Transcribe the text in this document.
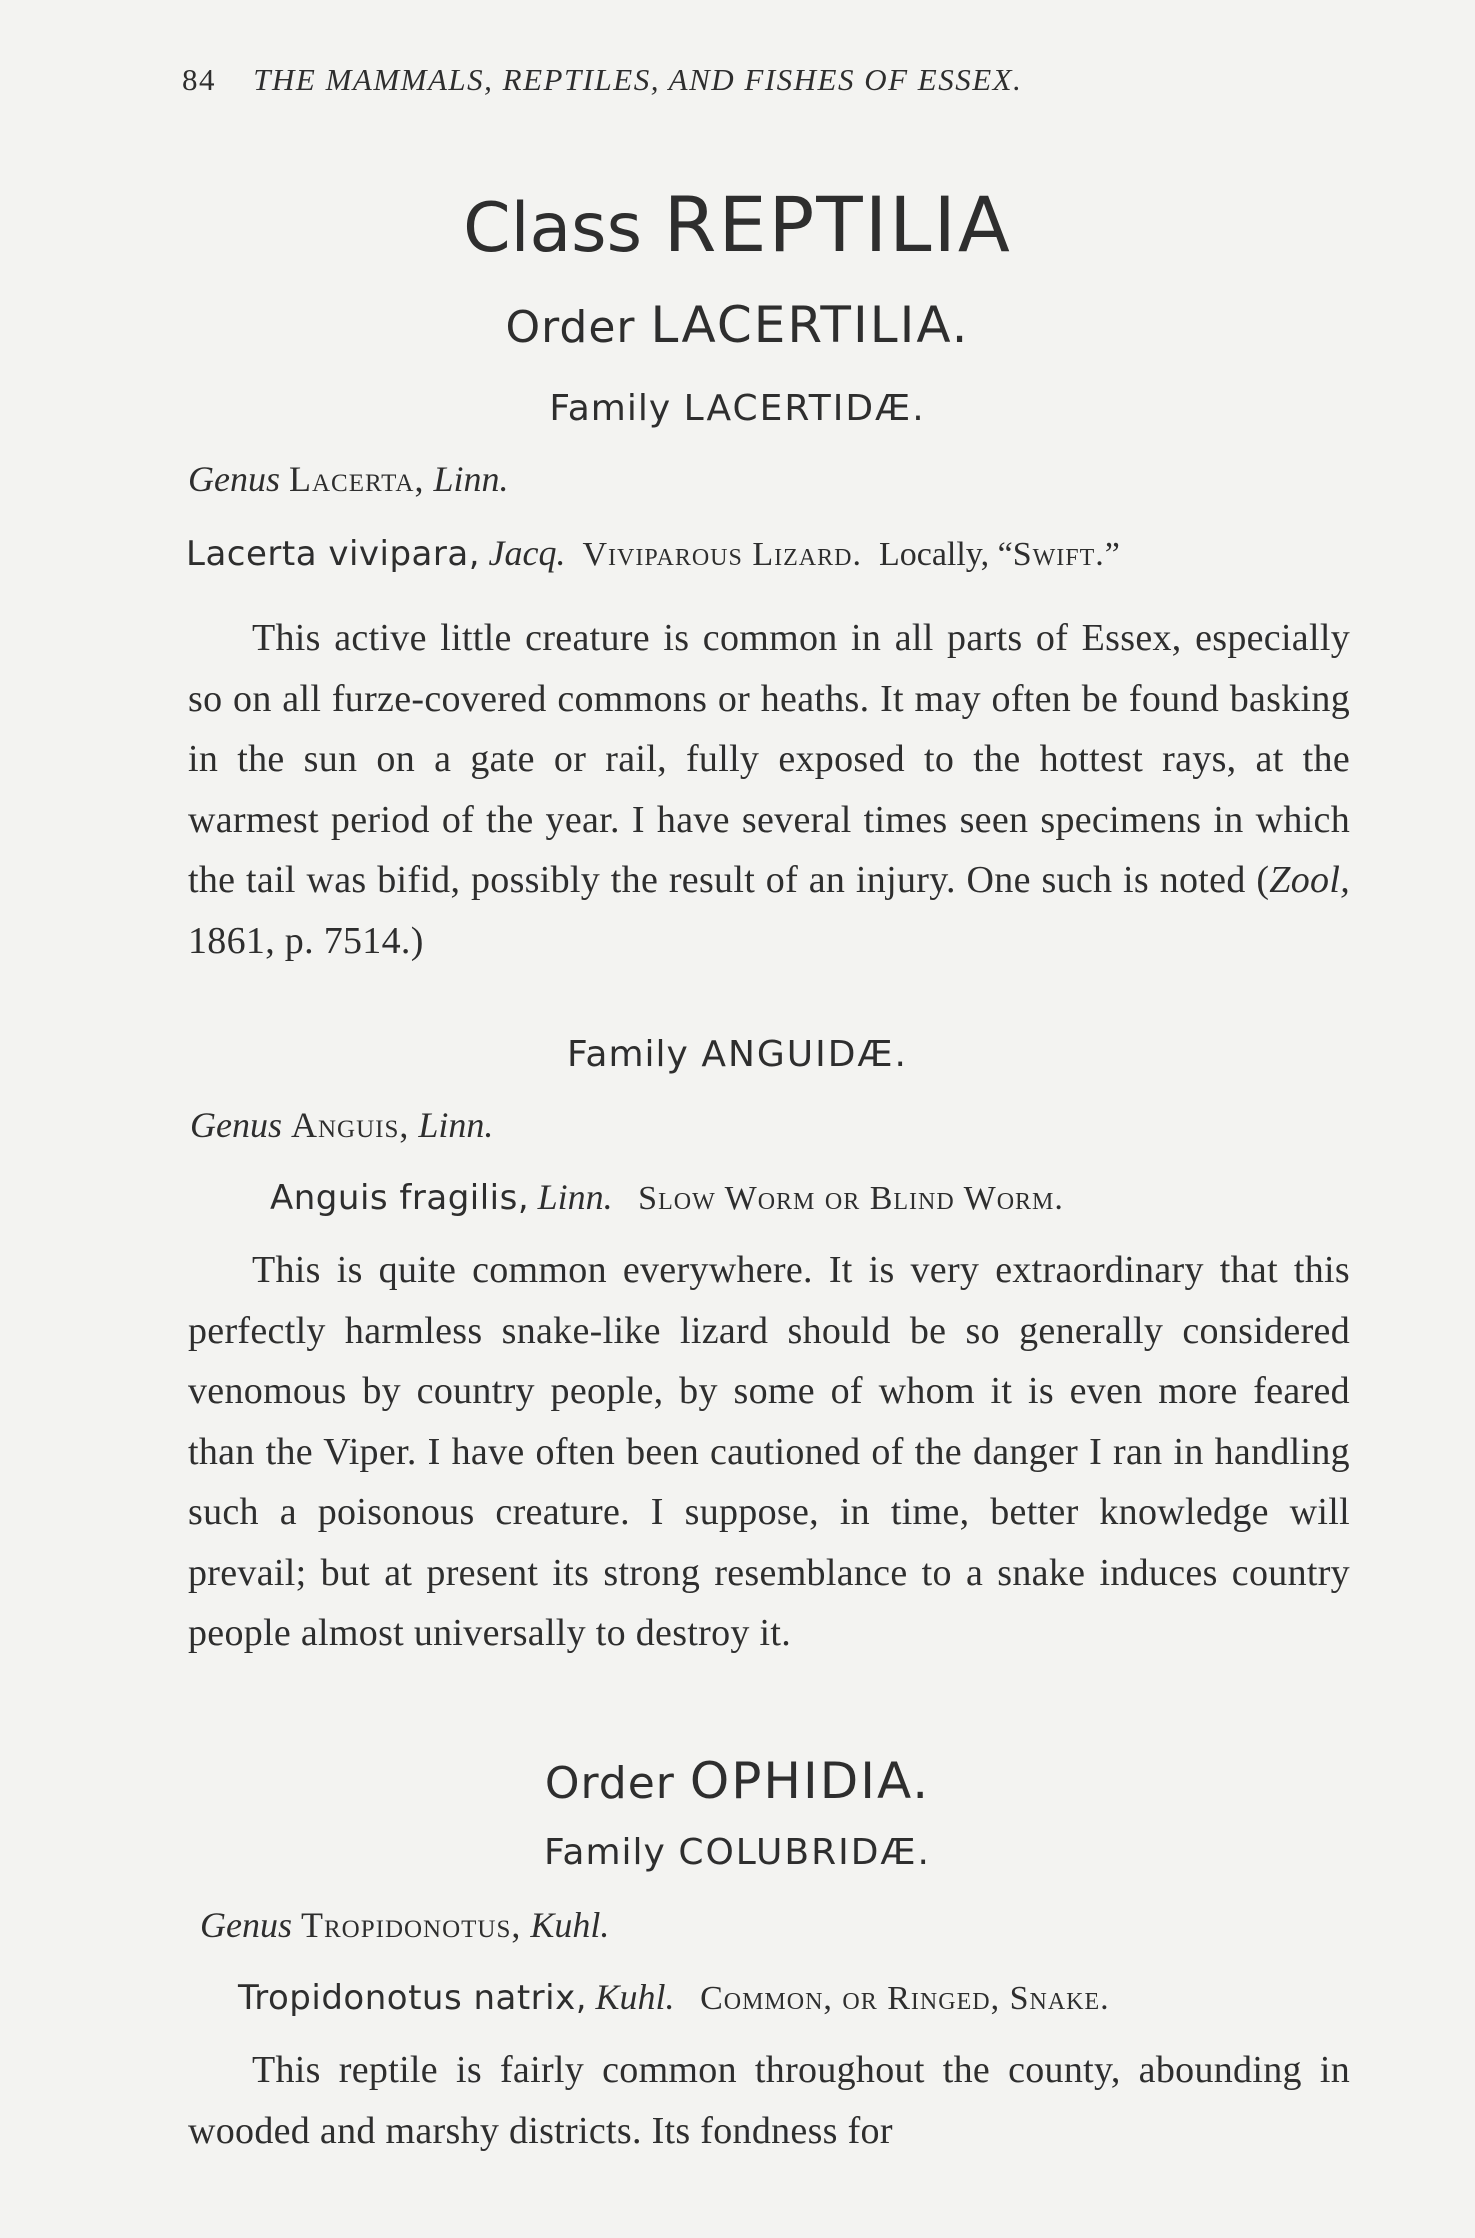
84 THE MAMMALS, REPTILES, AND FISHES OF ESSEX.
Class REPTILIA
Order LACERTILIA.
Family LACERTIDÆ.
Genus Lacerta, Linn.
Lacerta vivipara, Jacq. Viviparous Lizard. Locally, “Swift.”
This active little creature is common in all parts of Essex, especially so on all furze-covered commons or heaths. It may often be found basking in the sun on a gate or rail, fully exposed to the hottest rays, at the warmest period of the year. I have several times seen specimens in which the tail was bifid, possibly the result of an injury. One such is noted (Zool, 1861, p. 7514.)
Family ANGUIDÆ.
Genus Anguis, Linn.
Anguis fragilis, Linn. Slow Worm or Blind Worm.
This is quite common everywhere. It is very extraordinary that this perfectly harmless snake-like lizard should be so generally considered venomous by country people, by some of whom it is even more feared than the Viper. I have often been cautioned of the danger I ran in handling such a poisonous creature. I suppose, in time, better knowledge will prevail; but at present its strong resemblance to a snake induces country people almost universally to destroy it.
Order OPHIDIA.
Family COLUBRIDÆ.
Genus Tropidonotus, Kuhl.
Tropidonotus natrix, Kuhl. Common, or Ringed, Snake.
This reptile is fairly common throughout the county, abounding in wooded and marshy districts. Its fondness for
